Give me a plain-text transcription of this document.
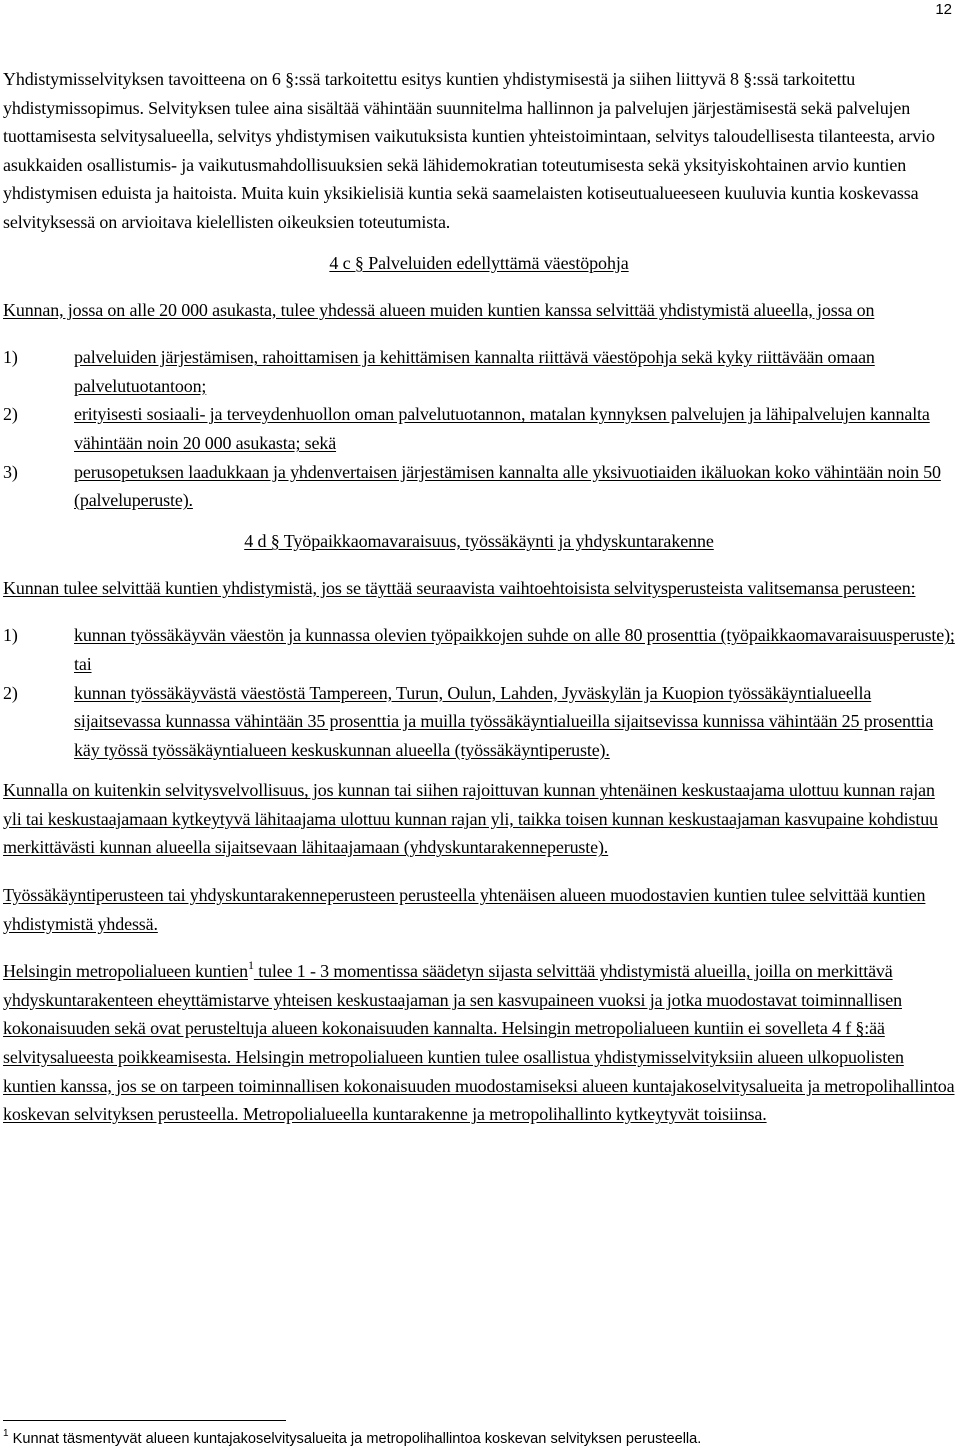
12

Yhdistymisselvityksen tavoitteena on 6 §:ssä tarkoitettu esitys kuntien yhdistymisestä ja siihen liittyvä 8 §:ssä tarkoitettu yhdistymissopimus. Selvityksen tulee aina sisältää vähintään suunnitelma hallinnon ja palvelujen järjestämisestä sekä palvelujen tuottamisesta selvitysalueella, selvitys yhdistymisen vaikutuksista kuntien yhteistoimintaan, selvitys taloudellisesta tilanteesta, arvio asukkaiden osallistumis- ja vaikutusmahdollisuuksien sekä lähidemokratian toteutumisesta sekä yksityiskohtainen arvio kuntien yhdistymisen eduista ja haitoista. Muita kuin yksikielisiä kuntia sekä saamelaisten kotiseutualueeseen kuuluvia kuntia koskevassa selvityksessä on arvioitava kielellisten oikeuksien toteutumista.

4 c § Palveluiden edellyttämä väestöpohja

Kunnan, jossa on alle 20 000 asukasta, tulee yhdessä alueen muiden kuntien kanssa selvittää yhdistymistä alueella, jossa on

1)	palveluiden järjestämisen, rahoittamisen ja kehittämisen kannalta riittävä väestöpohja sekä kyky riittävään omaan palvelutuotantoon;
2)	erityisesti sosiaali- ja terveydenhuollon oman palvelutuotannon, matalan kynnyksen palvelujen ja lähipalvelujen kannalta vähintään noin 20 000 asukasta; sekä
3)	perusopetuksen laadukkaan ja yhdenvertaisen järjestämisen kannalta alle yksivuotiaiden ikäluokan koko vähintään noin 50 (palveluperuste).

4 d § Työpaikkaomavaraisuus, työssäkäynti ja yhdyskuntarakenne

Kunnan tulee selvittää kuntien yhdistymistä, jos se täyttää seuraavista vaihtoehtoisista selvitysperusteista valitsemansa perusteen:

1)	kunnan työssäkäyvän väestön ja kunnassa olevien työpaikkojen suhde on alle 80 prosenttia (työpaikkaomavaraisuusperuste); tai
2)	kunnan työssäkäyvästä väestöstä Tampereen, Turun, Oulun, Lahden, Jyväskylän ja Kuopion työssäkäyntialueella sijaitsevassa kunnassa vähintään 35 prosenttia ja muilla työssäkäyntialueilla sijaitsevissa kunnissa vähintään 25 prosenttia käy työssä työssäkäyntialueen keskuskunnan alueella (työssäkäyntiperuste).

Kunnalla on kuitenkin selvitysvelvollisuus, jos kunnan tai siihen rajoittuvan kunnan yhtenäinen keskustaajama ulottuu kunnan rajan yli tai keskustaajamaan kytkeytyvä lähitaajama ulottuu kunnan rajan yli, taikka toisen kunnan keskustaajaman kasvupaine kohdistuu merkittävästi kunnan alueella sijaitsevaan lähitaajamaan (yhdyskuntarakenneperuste).

Työssäkäyntiperusteen tai yhdyskuntarakenneperusteen perusteella yhtenäisen alueen muodostavien kuntien tulee selvittää kuntien yhdistymistä yhdessä.

Helsingin metropolialueen kuntien$^1$ tulee 1 - 3 momentissa säädetyn sijasta selvittää yhdistymistä alueilla, joilla on merkittävä yhdyskuntarakenteen eheyttämistarve yhteisen keskustaajaman ja sen kasvupaineen vuoksi ja jotka muodostavat toiminnallisen kokonaisuuden sekä ovat perusteltuja alueen kokonaisuuden kannalta. Helsingin metropolialueen kuntiin ei sovelleta 4 f §:ää selvitysalueesta poikkeamisesta. Helsingin metropolialueen kuntien tulee osallistua yhdistymisselvityksiin alueen ulkopuolisten kuntien kanssa, jos se on tarpeen toiminnallisen kokonaisuuden muodostamiseksi alueen kuntajakoselvitysalueita ja metropolihallintoa koskevan selvityksen perusteella. Metropolialueella kuntarakenne ja metropolihallinto kytkeytyvät toisiinsa.

$^1$ Kunnat täsmentyvät alueen kuntajakoselvitysalueita ja metropolihallintoa koskevan selvityksen perusteella.
